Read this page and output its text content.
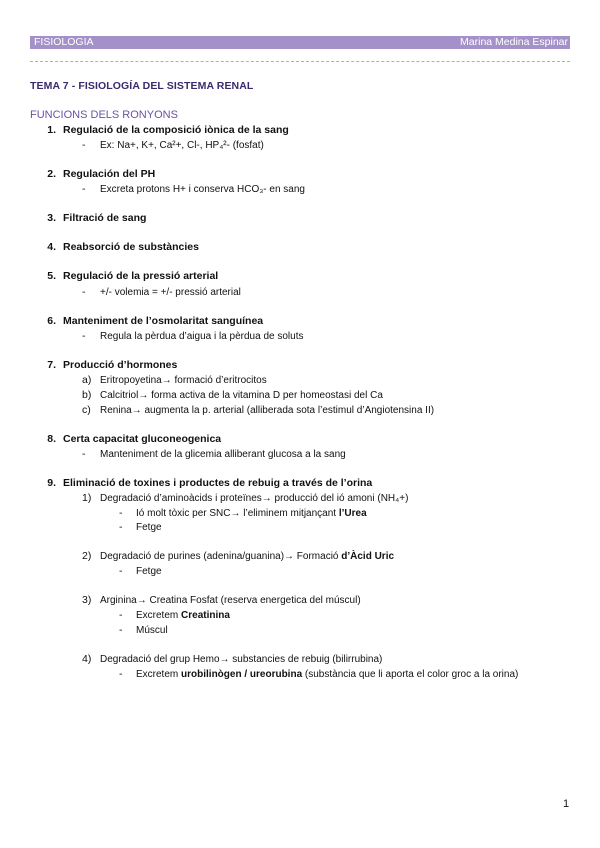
FISIOLOGIA	Marina Medina Espinar
TEMA 7 - FISIOLOGÍA DEL SISTEMA RENAL
FUNCIONS DELS RONYONS
1. Regulació de la composició iònica de la sang
- Ex: Na+, K+, Ca²+, Cl-, HP₄²- (fosfat)
2. Regulación del PH
- Excreta protons H+ i conserva HCO₃- en sang
3. Filtració de sang
4. Reabsorció de substàncies
5. Regulació de la pressió arterial
- +/- volemia = +/- pressió arterial
6. Manteniment de l’osmolaritat sanguínea
- Regula la pèrdua d’aigua i la pèrdua de soluts
7. Producció d’hormones
a) Eritropoyetina→ formació d’eritrocitos
b) Calcitriol→ forma activa de la vitamina D per homeostasi del Ca
c) Renina→ augmenta la p. arterial (alliberada sota l’estimul d’Angiotensina II)
8. Certa capacitat gluconeogenica
- Manteniment de la glicemia alliberant glucosa a la sang
9. Eliminació de toxines i productes de rebuig a través de l’orina
1) Degradació d’aminoàcids i proteïnes→ producció del ió amoni (NH₄+)
- Ió molt tòxic per SNC→ l’eliminem mitjançant l’Urea
- Fetge
2) Degradació de purines (adenina/guanina)→ Formació d’Àcid Uric
- Fetge
3) Arginina→ Creatina Fosfat (reserva energetica del múscul)
- Excretem Creatinina
- Múscul
4) Degradació del grup Hemo→ substancies de rebuig (bilirrubina)
- Excretem urobilinògen / ureorubina (substància que li aporta el color groc a la orina)
1
